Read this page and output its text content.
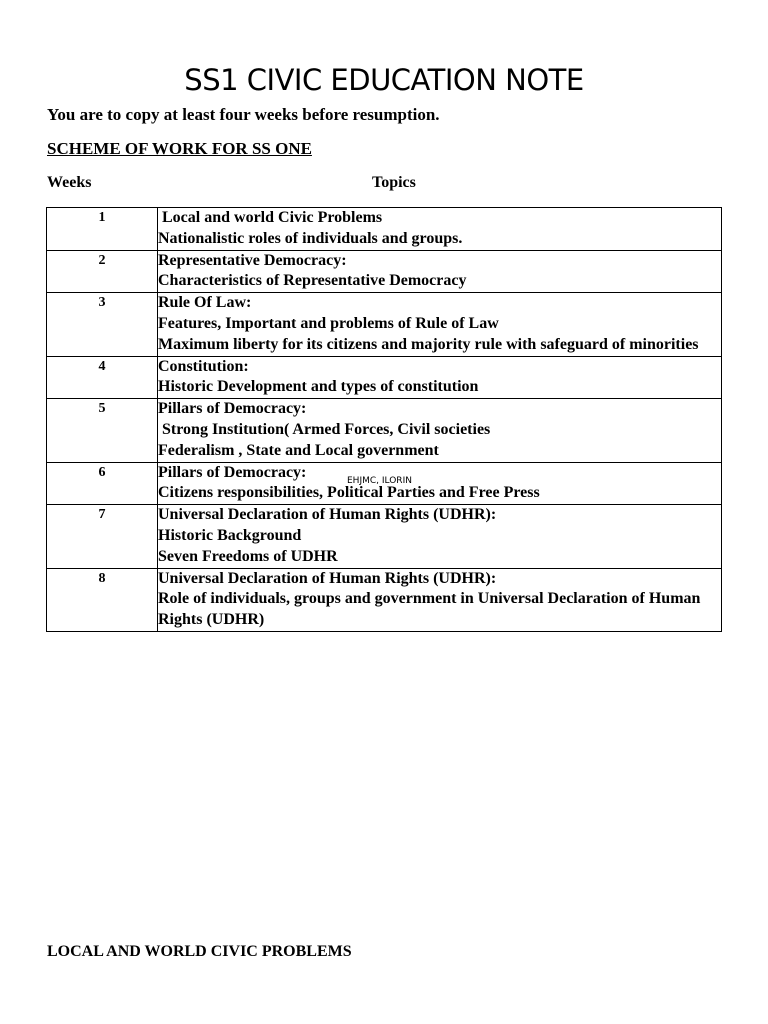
SS1 CIVIC EDUCATION NOTE
You are to copy at least four weeks before resumption.
SCHEME OF WORK FOR SS ONE
Weeks	Topics
1	Local and world Civic Problems
Nationalistic roles of individuals and groups.

2	Representative Democracy:
Characteristics of Representative Democracy

3	Rule Of Law:
Features, Important and problems of Rule of Law
Maximum liberty for its citizens and majority rule with safeguard of minorities

4	Constitution:
Historic Development and types of constitution

5	Pillars of Democracy:
Strong Institution( Armed Forces, Civil societies
Federalism , State and Local government

6	Pillars of Democracy:
Citizens responsibilities, Political Parties and Free Press

7	Universal Declaration of Human Rights (UDHR):
Historic Background
Seven Freedoms of UDHR

8	Universal Declaration of Human Rights (UDHR):
Role of individuals, groups and government in Universal Declaration of Human Rights (UDHR)
EHJMC, ILORIN
LOCAL AND WORLD CIVIC PROBLEMS
